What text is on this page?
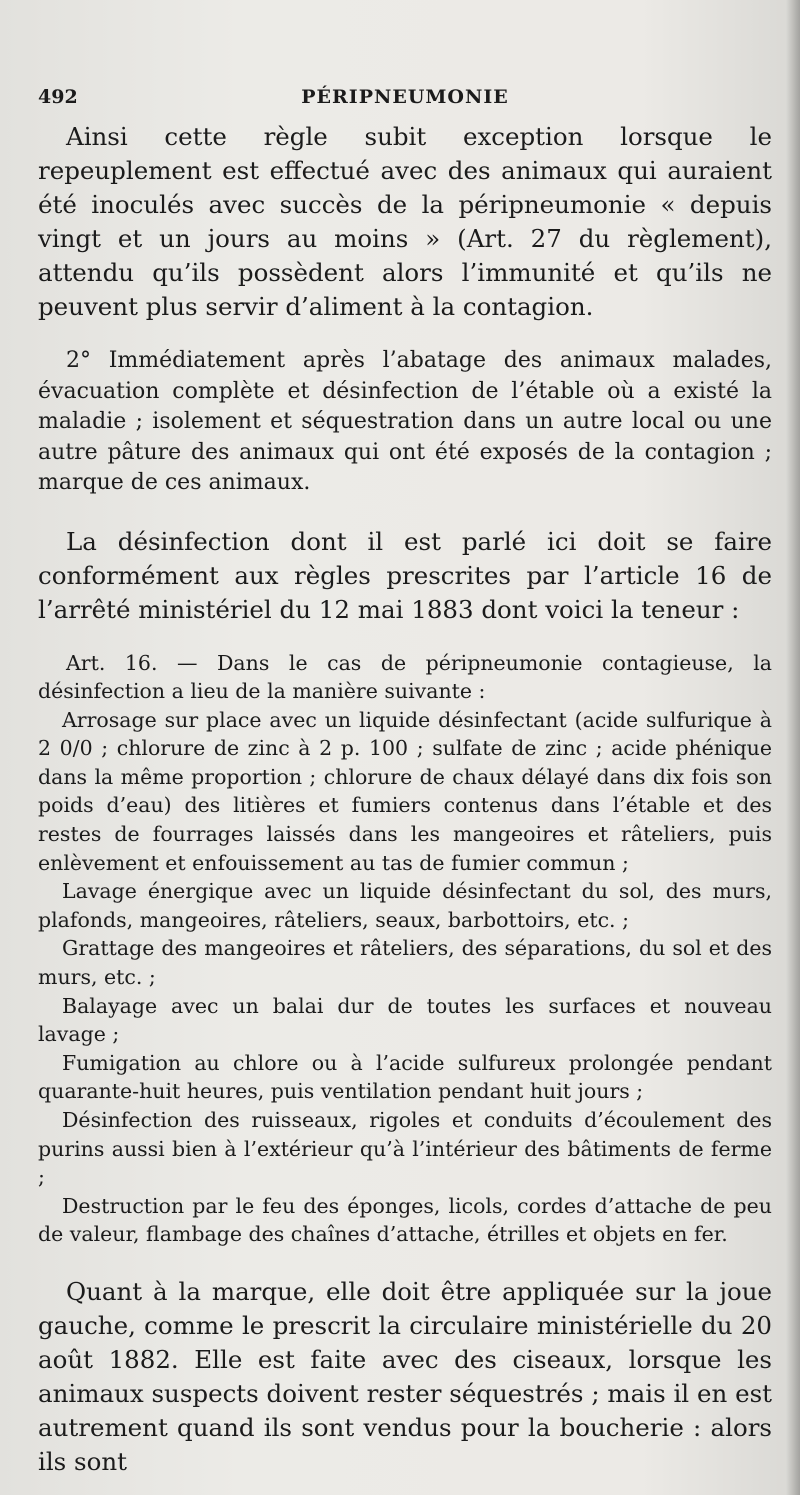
492	PÉRIPNEUMONIE

Ainsi cette règle subit exception lorsque le repeuplement est effectué avec des animaux qui auraient été inoculés avec succès de la péripneumonie « depuis vingt et un jours au moins » (Art. 27 du règlement), attendu qu’ils possèdent alors l’immunité et qu’ils ne peuvent plus servir d’aliment à la contagion.

2° Immédiatement après l’abatage des animaux malades, évacuation complète et désinfection de l’étable où a existé la maladie ; isolement et séquestration dans un autre local ou une autre pâture des animaux qui ont été exposés de la contagion ; marque de ces animaux.

La désinfection dont il est parlé ici doit se faire conformément aux règles prescrites par l’article 16 de l’arrêté ministériel du 12 mai 1883 dont voici la teneur :

Art. 16. — Dans le cas de péripneumonie contagieuse, la désinfection a lieu de la manière suivante :

Arrosage sur place avec un liquide désinfectant (acide sulfurique à 2 0/0 ; chlorure de zinc à 2 p. 100 ; sulfate de zinc ; acide phénique dans la même proportion ; chlorure de chaux délayé dans dix fois son poids d’eau) des litières et fumiers contenus dans l’étable et des restes de fourrages laissés dans les mangeoires et râteliers, puis enlèvement et enfouissement au tas de fumier commun ;

Lavage énergique avec un liquide désinfectant du sol, des murs, plafonds, mangeoires, râteliers, seaux, barbottoirs, etc. ;

Grattage des mangeoires et râteliers, des séparations, du sol et des murs, etc. ;

Balayage avec un balai dur de toutes les surfaces et nouveau lavage ;

Fumigation au chlore ou à l’acide sulfureux prolongée pendant quarante-huit heures, puis ventilation pendant huit jours ;

Désinfection des ruisseaux, rigoles et conduits d’écoulement des purins aussi bien à l’extérieur qu’à l’intérieur des bâtiments de ferme ;

Destruction par le feu des éponges, licols, cordes d’attache de peu de valeur, flambage des chaînes d’attache, étrilles et objets en fer.

Quant à la marque, elle doit être appliquée sur la joue gauche, comme le prescrit la circulaire ministérielle du 20 août 1882. Elle est faite avec des ciseaux, lorsque les animaux suspects doivent rester séquestrés ; mais il en est autrement quand ils sont vendus pour la boucherie : alors ils sont
